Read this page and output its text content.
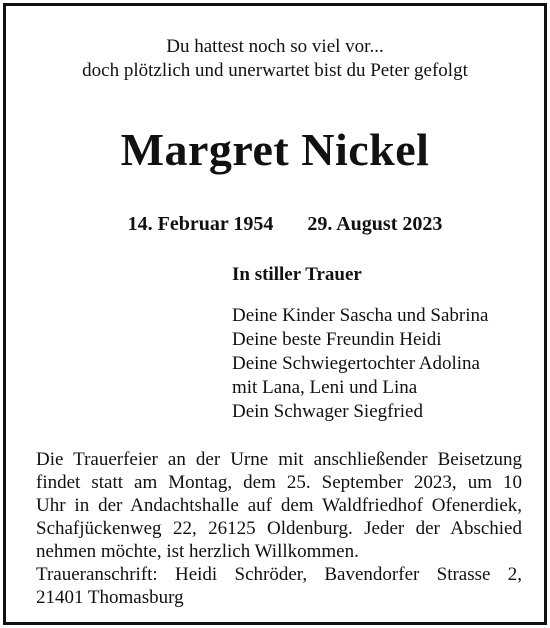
Du hattest noch so viel vor...
doch plötzlich und unerwartet bist du Peter gefolgt
Margret Nickel

14. Februar 1954 29. August 2023

In stiller Trauer
Deine Kinder Sascha und Sabrina
Deine beste Freundin Heidi
Deine Schwiegertochter Adolina
mit Lana, Leni und Lina
Dein Schwager Siegfried
Die Trauerfeier an der Urne mit anschließender Beisetzung
findet statt am Montag, dem 25. September 2023, um 10
Uhr in der Andachtshalle auf dem Waldfriedhof Ofenerdiek,
Schafjückenweg 22, 26125 Oldenburg. Jeder der Abschied
nehmen möchte, ist herzlich Willkommen.
Traueranschrift: Heidi Schröder, Bavendorfer Strasse 2,
21401 Thomasburg
